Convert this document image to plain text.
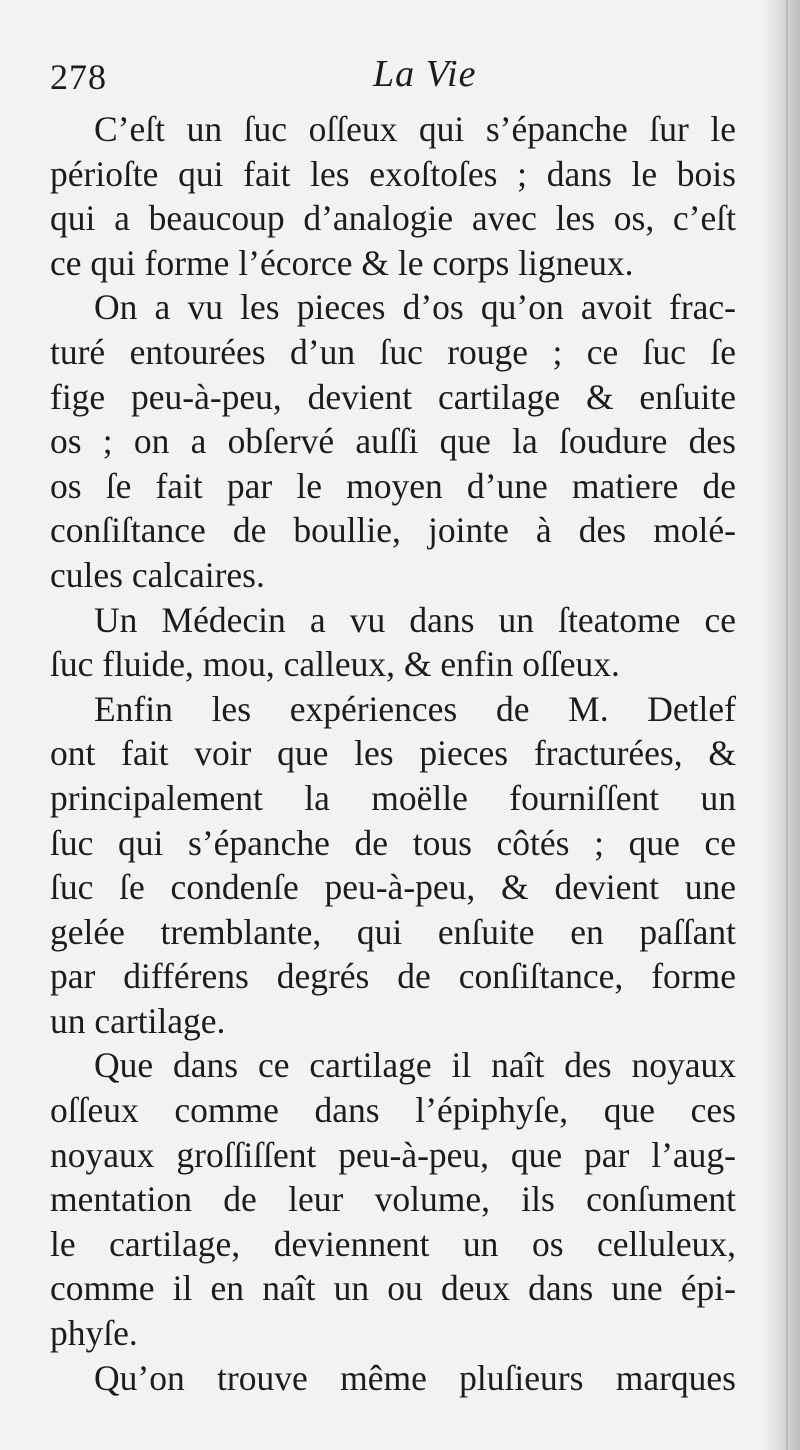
278	La Vie
C’eſt un ſuc oſſeux qui s’épanche ſur le
périoſte qui fait les exoſtoſes ; dans le bois
qui a beaucoup d’analogie avec les os, c’eſt
ce qui forme l’écorce & le corps ligneux.
On a vu les pieces d’os qu’on avoit frac-
turé entourées d’un ſuc rouge ; ce ſuc ſe
fige peu-à-peu, devient cartilage & enſuite
os ; on a obſervé auſſi que la ſoudure des
os ſe fait par le moyen d’une matiere de
conſiſtance de boullie, jointe à des molé-
cules calcaires.
Un Médecin a vu dans un ſteatome ce
ſuc fluide, mou, calleux, & enfin oſſeux.
Enfin les expériences de M. Detlef
ont fait voir que les pieces fracturées, &
principalement la moëlle fourniſſent un
ſuc qui s’épanche de tous côtés ; que ce
ſuc ſe condenſe peu-à-peu, & devient une
gelée tremblante, qui enſuite en paſſant
par différens degrés de conſiſtance, forme
un cartilage.
Que dans ce cartilage il naît des noyaux
oſſeux comme dans l’épiphyſe, que ces
noyaux groſſiſſent peu-à-peu, que par l’aug-
mentation de leur volume, ils conſument
le cartilage, deviennent un os celluleux,
comme il en naît un ou deux dans une épi-
phyſe.
Qu’on trouve même pluſieurs marques
